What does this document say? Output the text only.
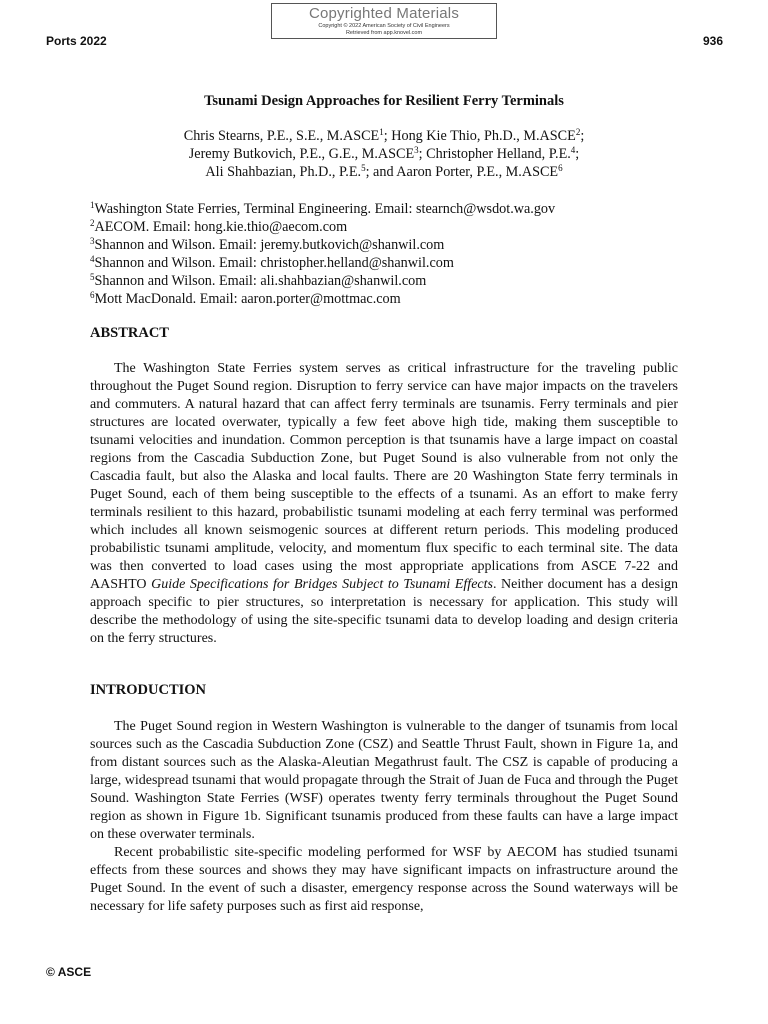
Copyrighted Materials
Copyright © 2022 American Society of Civil Engineers
Retrieved from app.knovel.com
Ports 2022	936
Tsunami Design Approaches for Resilient Ferry Terminals
Chris Stearns, P.E., S.E., M.ASCE$^1$; Hong Kie Thio, Ph.D., M.ASCE$^2$;
Jeremy Butkovich, P.E., G.E., M.ASCE$^3$; Christopher Helland, P.E.$^4$;
Ali Shahbazian, Ph.D., P.E.$^5$; and Aaron Porter, P.E., M.ASCE$^6$
$^1$Washington State Ferries, Terminal Engineering. Email: stearnch@wsdot.wa.gov
$^2$AECOM. Email: hong.kie.thio@aecom.com
$^3$Shannon and Wilson. Email: jeremy.butkovich@shanwil.com
$^4$Shannon and Wilson. Email: christopher.helland@shanwil.com
$^5$Shannon and Wilson. Email: ali.shahbazian@shanwil.com
$^6$Mott MacDonald. Email: aaron.porter@mottmac.com
ABSTRACT

The Washington State Ferries system serves as critical infrastructure for the traveling public throughout the Puget Sound region. Disruption to ferry service can have major impacts on the travelers and commuters. A natural hazard that can affect ferry terminals are tsunamis. Ferry terminals and pier structures are located overwater, typically a few feet above high tide, making them susceptible to tsunami velocities and inundation. Common perception is that tsunamis have a large impact on coastal regions from the Cascadia Subduction Zone, but Puget Sound is also vulnerable from not only the Cascadia fault, but also the Alaska and local faults. There are 20 Washington State ferry terminals in Puget Sound, each of them being susceptible to the effects of a tsunami. As an effort to make ferry terminals resilient to this hazard, probabilistic tsunami modeling at each ferry terminal was performed which includes all known seismogenic sources at different return periods. This modeling produced probabilistic tsunami amplitude, velocity, and momentum flux specific to each terminal site. The data was then converted to load cases using the most appropriate applications from ASCE 7-22 and AASHTO Guide Specifications for Bridges Subject to Tsunami Effects. Neither document has a design approach specific to pier structures, so interpretation is necessary for application. This study will describe the methodology of using the site-specific tsunami data to develop loading and design criteria on the ferry structures.

INTRODUCTION

The Puget Sound region in Western Washington is vulnerable to the danger of tsunamis from local sources such as the Cascadia Subduction Zone (CSZ) and Seattle Thrust Fault, shown in Figure 1a, and from distant sources such as the Alaska-Aleutian Megathrust fault. The CSZ is capable of producing a large, widespread tsunami that would propagate through the Strait of Juan de Fuca and through the Puget Sound. Washington State Ferries (WSF) operates twenty ferry terminals throughout the Puget Sound region as shown in Figure 1b. Significant tsunamis produced from these faults can have a large impact on these overwater terminals.

Recent probabilistic site-specific modeling performed for WSF by AECOM has studied tsunami effects from these sources and shows they may have significant impacts on infrastructure around the Puget Sound. In the event of such a disaster, emergency response across the Sound waterways will be necessary for life safety purposes such as first aid response,

© ASCE
